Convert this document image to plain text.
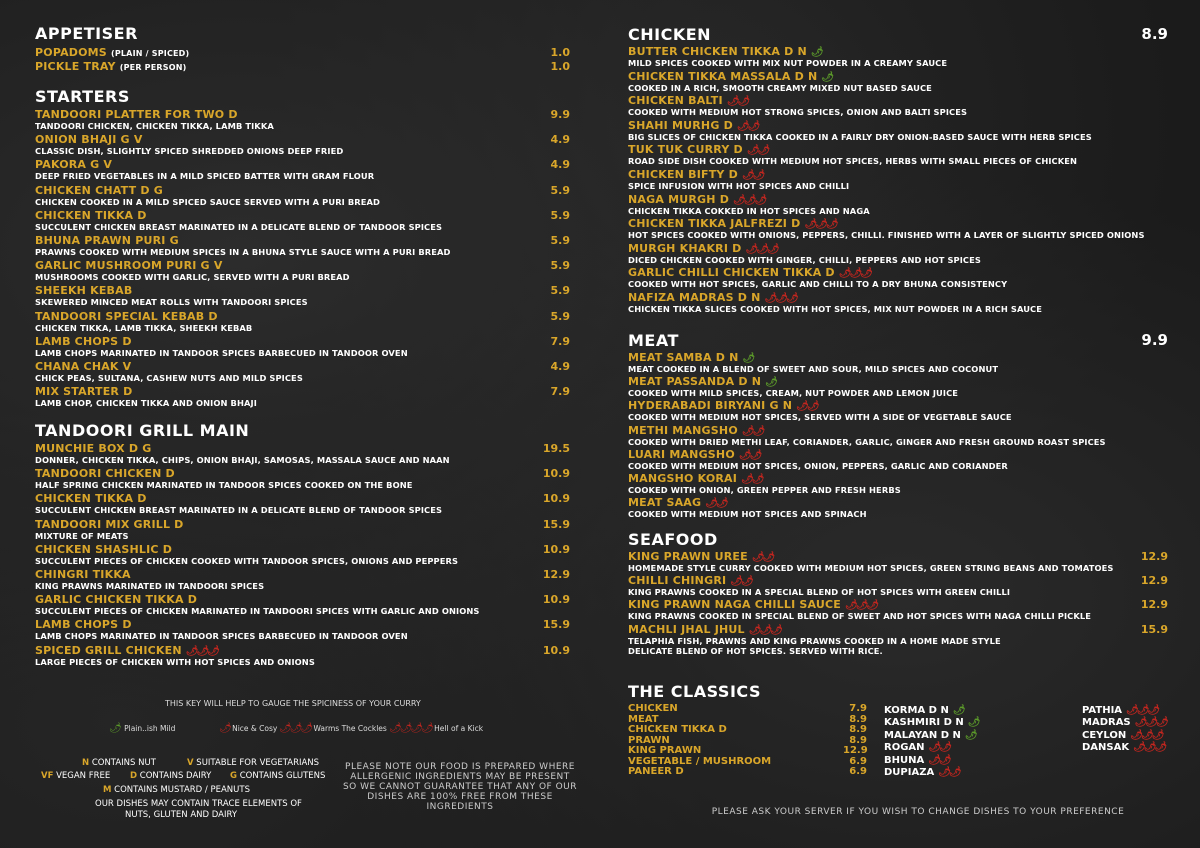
APPETISER
POPADOMS (PLAIN / SPICED)	1.0
PICKLE TRAY (PER PERSON)	1.0
STARTERS
TANDOORI PLATTER FOR TWO D
TANDOORI CHICKEN, CHICKEN TIKKA, LAMB TIKKA
9.9
ONION BHAJI G V
CLASSIC DISH, SLIGHTLY SPICED SHREDDED ONIONS DEEP FRIED
4.9
PAKORA G V
DEEP FRIED VEGETABLES IN A MILD SPICED BATTER WITH GRAM FLOUR
4.9
CHICKEN CHATT D G
CHICKEN COOKED IN A MILD SPICED SAUCE SERVED WITH A PURI BREAD
5.9
CHICKEN TIKKA D
SUCCULENT CHICKEN BREAST MARINATED IN A DELICATE BLEND OF TANDOOR SPICES
5.9
BHUNA PRAWN PURI G
PRAWNS COOKED WITH MEDIUM SPICES IN A BHUNA STYLE SAUCE WITH A PURI BREAD
5.9
GARLIC MUSHROOM PURI G V
MUSHROOMS COOKED WITH GARLIC, SERVED WITH A PURI BREAD
5.9
SHEEKH KEBAB
SKEWERED MINCED MEAT ROLLS WITH TANDOORI SPICES
5.9
TANDOORI SPECIAL KEBAB D
CHICKEN TIKKA, LAMB TIKKA, SHEEKH KEBAB
5.9
LAMB CHOPS D
LAMB CHOPS MARINATED IN TANDOOR SPICES BARBECUED IN TANDOOR OVEN
7.9
CHANA CHAK V
CHICK PEAS, SULTANA, CASHEW NUTS AND MILD SPICES
4.9
MIX STARTER D
LAMB CHOP, CHICKEN TIKKA AND ONION BHAJI
7.9
TANDOORI GRILL MAIN
MUNCHIE BOX D G
DONNER, CHICKEN TIKKA, CHIPS, ONION BHAJI, SAMOSAS, MASSALA SAUCE AND NAAN
19.5
TANDOORI CHICKEN D
HALF SPRING CHICKEN MARINATED IN TANDOOR SPICES COOKED ON THE BONE
10.9
CHICKEN TIKKA D
SUCCULENT CHICKEN BREAST MARINATED IN A DELICATE BLEND OF TANDOOR SPICES
10.9
TANDOORI MIX GRILL D
MIXTURE OF MEATS
15.9
CHICKEN SHASHLIC D
SUCCULENT PIECES OF CHICKEN COOKED WITH TANDOOR SPICES, ONIONS AND PEPPERS
10.9
CHINGRI TIKKA
KING PRAWNS MARINATED IN TANDOORI SPICES
12.9
GARLIC CHICKEN TIKKA D
SUCCULENT PIECES OF CHICKEN MARINATED IN TANDOORI SPICES WITH GARLIC AND ONIONS
10.9
LAMB CHOPS D
LAMB CHOPS MARINATED IN TANDOOR SPICES BARBECUED IN TANDOOR OVEN
15.9
SPICED GRILL CHICKEN 🌶🌶🌶
LARGE PIECES OF CHICKEN WITH HOT SPICES AND ONIONS
10.9
THIS KEY WILL HELP TO GAUGE THE SPICINESS OF YOUR CURRY
🌶 Plain..ish Mild	🌶 Nice & Cosy 🌶🌶🌶 Warms The Cockles 🌶🌶🌶🌶 Hell of a Kick
N CONTAINS NUT	V SUITABLE FOR VEGETARIANS
VF VEGAN FREE D CONTAINS DAIRY G CONTAINS GLUTENS
M CONTAINS MUSTARD / PEANUTS
OUR DISHES MAY CONTAIN TRACE ELEMENTS OF
NUTS, GLUTEN AND DAIRY
PLEASE NOTE OUR FOOD IS PREPARED WHERE
ALLERGENIC INGREDIENTS MAY BE PRESENT
SO WE CANNOT GUARANTEE THAT ANY OF OUR
DISHES ARE 100% FREE FROM THESE INGREDIENTS
CHICKEN	8.9
BUTTER CHICKEN TIKKA D N 🌶
MILD SPICES COOKED WITH MIX NUT POWDER IN A CREAMY SAUCE
CHICKEN TIKKA MASSALA D N 🌶
COOKED IN A RICH, SMOOTH CREAMY MIXED NUT BASED SAUCE
CHICKEN BALTI 🌶🌶
COOKED WITH MEDIUM HOT STRONG SPICES, ONION AND BALTI SPICES
SHAHI MURHG D 🌶🌶
BIG SLICES OF CHICKEN TIKKA COOKED IN A FAIRLY DRY ONION-BASED SAUCE WITH HERB SPICES
TUK TUK CURRY D 🌶🌶
ROAD SIDE DISH COOKED WITH MEDIUM HOT SPICES, HERBS WITH SMALL PIECES OF CHICKEN
CHICKEN BIFTY D 🌶🌶
SPICE INFUSION WITH HOT SPICES AND CHILLI
NAGA MURGH D 🌶🌶🌶
CHICKEN TIKKA COKKED IN HOT SPICES AND NAGA
CHICKEN TIKKA JALFREZI D 🌶🌶🌶
HOT SPICES COOKED WITH ONIONS, PEPPERS, CHILLI. FINISHED WITH A LAYER OF SLIGHTLY SPICED ONIONS
MURGH KHAKRI D 🌶🌶🌶
DICED CHICKEN COOKED WITH GINGER, CHILLI, PEPPERS AND HOT SPICES
GARLIC CHILLI CHICKEN TIKKA D 🌶🌶🌶
COOKED WITH HOT SPICES, GARLIC AND CHILLI TO A DRY BHUNA CONSISTENCY
NAFIZA MADRAS D N 🌶🌶🌶
CHICKEN TIKKA SLICES COOKED WITH HOT SPICES, MIX NUT POWDER IN A RICH SAUCE
MEAT	9.9
MEAT SAMBA D N 🌶
MEAT COOKED IN A BLEND OF SWEET AND SOUR, MILD SPICES AND COCONUT
MEAT PASSANDA D N 🌶
COOKED WITH MILD SPICES, CREAM, NUT POWDER AND LEMON JUICE
HYDERABADI BIRYANI G N 🌶🌶
COOKED WITH MEDIUM HOT SPICES, SERVED WITH A SIDE OF VEGETABLE SAUCE
METHI MANGSHO 🌶🌶
COOKED WITH DRIED METHI LEAF, CORIANDER, GARLIC, GINGER AND FRESH GROUND ROAST SPICES
LUARI MANGSHO 🌶🌶
COOKED WITH MEDIUM HOT SPICES, ONION, PEPPERS, GARLIC AND CORIANDER
MANGSHO KORAI 🌶🌶
COOKED WITH ONION, GREEN PEPPER AND FRESH HERBS
MEAT SAAG 🌶🌶
COOKED WITH MEDIUM HOT SPICES AND SPINACH
SEAFOOD
KING PRAWN UREE 🌶🌶
HOMEMADE STYLE CURRY COOKED WITH MEDIUM HOT SPICES, GREEN STRING BEANS AND TOMATOES
12.9
CHILLI CHINGRI 🌶🌶
KING PRAWNS COOKED IN A SPECIAL BLEND OF HOT SPICES WITH GREEN CHILLI
12.9
KING PRAWN NAGA CHILLI SAUCE 🌶🌶🌶
KING PRAWNS COOKED IN SPECIAL BLEND OF SWEET AND HOT SPICES WITH NAGA CHILLI PICKLE
12.9
MACHLI JHAL JHUL 🌶🌶🌶
TELAPHIA FISH, PRAWNS AND KING PRAWNS COOKED IN A HOME MADE STYLE
DELICATE BLEND OF HOT SPICES. SERVED WITH RICE.
15.9
THE CLASSICS
CHICKEN	7.9
MEAT	8.9
CHICKEN TIKKA D	8.9
PRAWN	8.9
KING PRAWN	12.9
VEGETABLE / MUSHROOM	6.9
PANEER D	6.9
KORMA D N 🌶
KASHMIRI D N 🌶
MALAYAN D N 🌶
ROGAN 🌶🌶
BHUNA 🌶🌶
DUPIAZA 🌶🌶
PATHIA 🌶🌶🌶
MADRAS 🌶🌶🌶
CEYLON 🌶🌶🌶
DANSAK 🌶🌶🌶
PLEASE ASK YOUR SERVER IF YOU WISH TO CHANGE DISHES TO YOUR PREFERENCE
